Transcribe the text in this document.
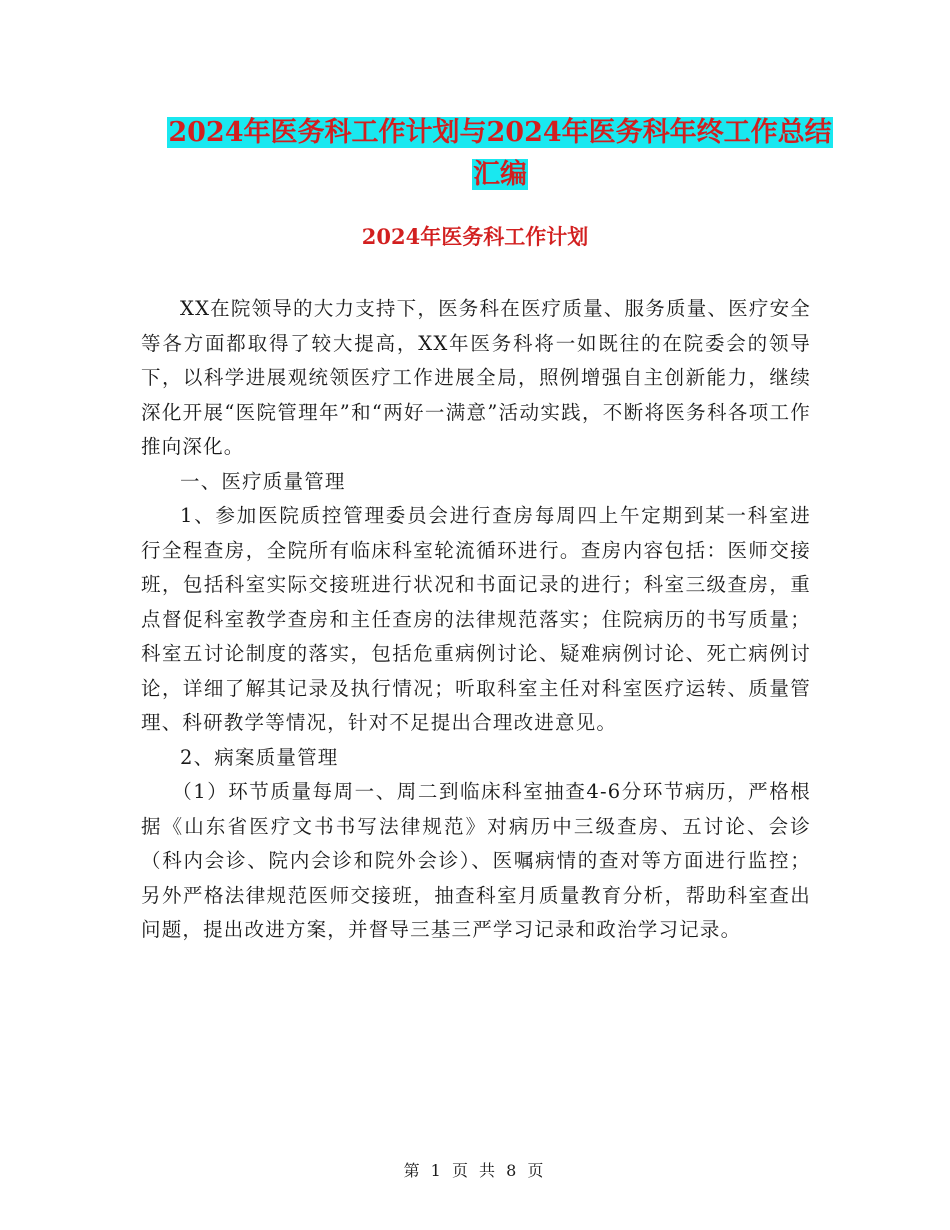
2024年医务科工作计划与2024年医务科年终工作总结
汇编
2024年医务科工作计划

XX在院领导的大力支持下，医务科在医疗质量、服务质量、医疗安全等各方面都取得了较大提高，XX年医务科将一如既往的在院委会的领导下，以科学进展观统领医疗工作进展全局，照例增强自主创新能力，继续深化开展“医院管理年”和“两好一满意”活动实践，不断将医务科各项工作推向深化。

一、医疗质量管理

1、参加医院质控管理委员会进行查房每周四上午定期到某一科室进行全程查房，全院所有临床科室轮流循环进行。查房内容包括：医师交接班，包括科室实际交接班进行状况和书面记录的进行；科室三级查房，重点督促科室教学查房和主任查房的法律规范落实；住院病历的书写质量；科室五讨论制度的落实，包括危重病例讨论、疑难病例讨论、死亡病例讨论，详细了解其记录及执行情况；听取科室主任对科室医疗运转、质量管理、科研教学等情况，针对不足提出合理改进意见。

2、病案质量管理

（1）环节质量每周一、周二到临床科室抽查4-6分环节病历，严格根据《山东省医疗文书书写法律规范》对病历中三级查房、五讨论、会诊（科内会诊、院内会诊和院外会诊）、医嘱病情的查对等方面进行监控；另外严格法律规范医师交接班，抽查科室月质量教育分析，帮助科室查出问题，提出改进方案，并督导三基三严学习记录和政治学习记录。

第 1 页 共 8 页
